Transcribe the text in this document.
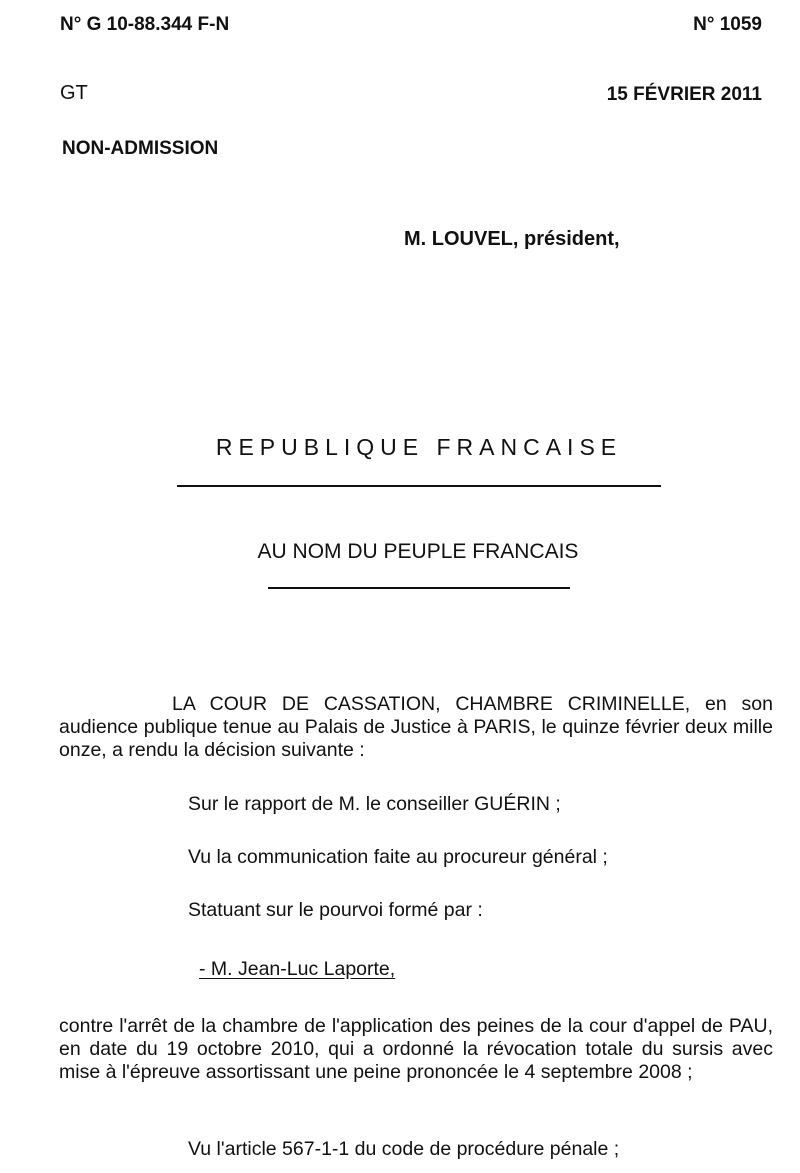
N° G 10-88.344 F-N	N° 1059
GT	15 FÉVRIER 2011
NON-ADMISSION
M. LOUVEL, président,
REPUBLIQUE FRANCAISE
AU NOM DU PEUPLE FRANCAIS
LA COUR DE CASSATION, CHAMBRE CRIMINELLE, en son audience publique tenue au Palais de Justice à PARIS, le quinze février deux mille onze, a rendu la décision suivante :
Sur le rapport de M. le conseiller GUÉRIN ;
Vu la communication faite au procureur général ;
Statuant sur le pourvoi formé par :
- M. Jean-Luc Laporte,
contre l'arrêt de la chambre de l'application des peines de la cour d'appel de PAU, en date du 19 octobre 2010, qui a ordonné la révocation totale du sursis avec mise à l'épreuve assortissant une peine prononcée le 4 septembre 2008 ;
Vu l'article 567-1-1 du code de procédure pénale ;
